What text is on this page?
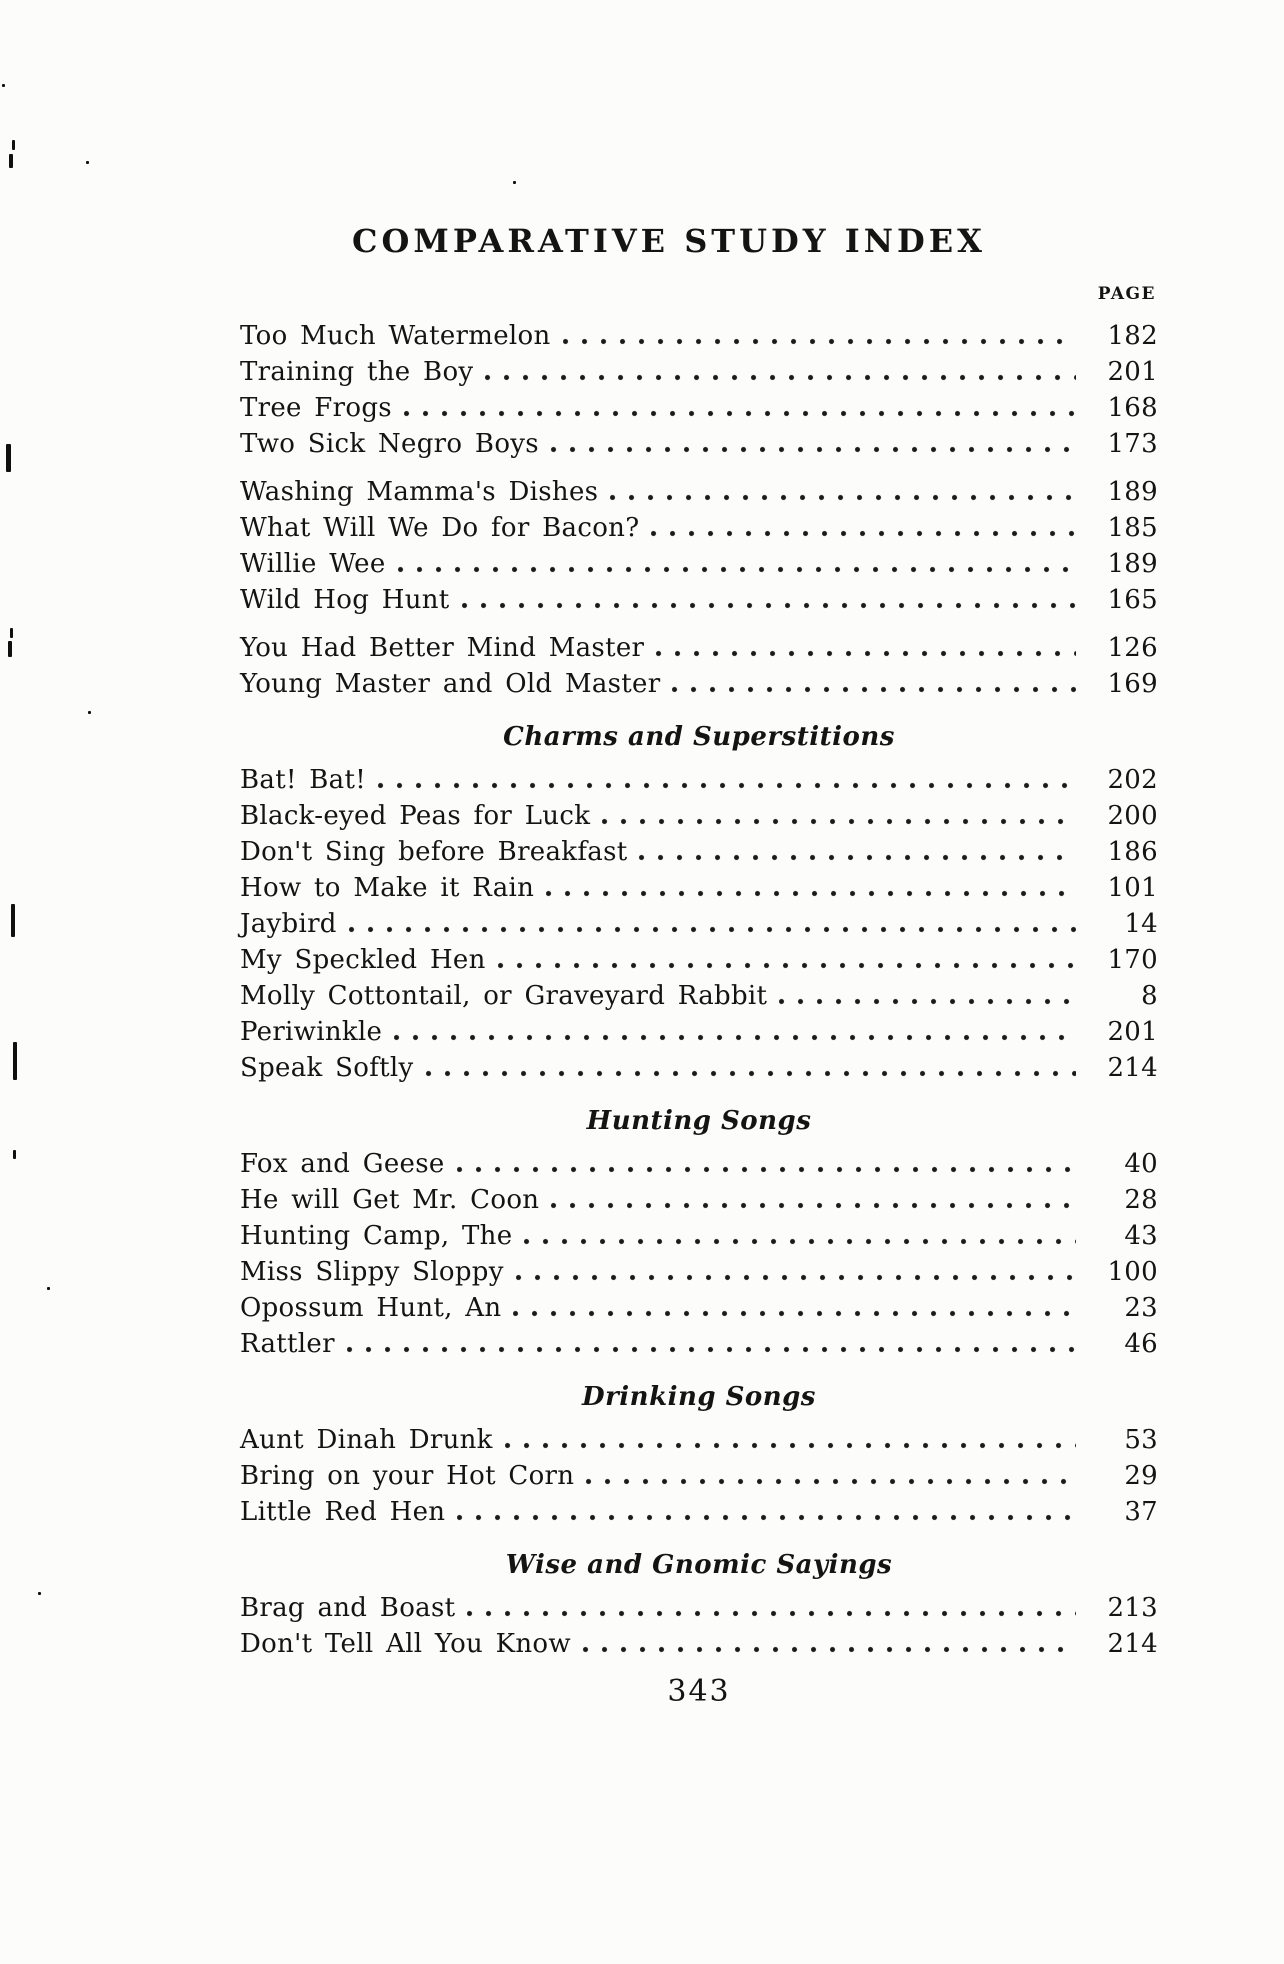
COMPARATIVE STUDY INDEX
PAGE
Too Much Watermelon	182
Training the Boy	201
Tree Frogs	168
Two Sick Negro Boys	173
Washing Mamma's Dishes	189
What Will We Do for Bacon?	185
Willie Wee	189
Wild Hog Hunt	165
You Had Better Mind Master	126
Young Master and Old Master	169
Charms and Superstitions
Bat! Bat!	202
Black-eyed Peas for Luck	200
Don't Sing before Breakfast	186
How to Make it Rain	101
Jaybird	14
My Speckled Hen	170
Molly Cottontail, or Graveyard Rabbit	8
Periwinkle	201
Speak Softly	214
Hunting Songs
Fox and Geese	40
He will Get Mr. Coon	28
Hunting Camp, The	43
Miss Slippy Sloppy	100
Opossum Hunt, An	23
Rattler	46
Drinking Songs
Aunt Dinah Drunk	53
Bring on your Hot Corn	29
Little Red Hen	37
Wise and Gnomic Sayings
Brag and Boast	213
Don't Tell All You Know	214
343
